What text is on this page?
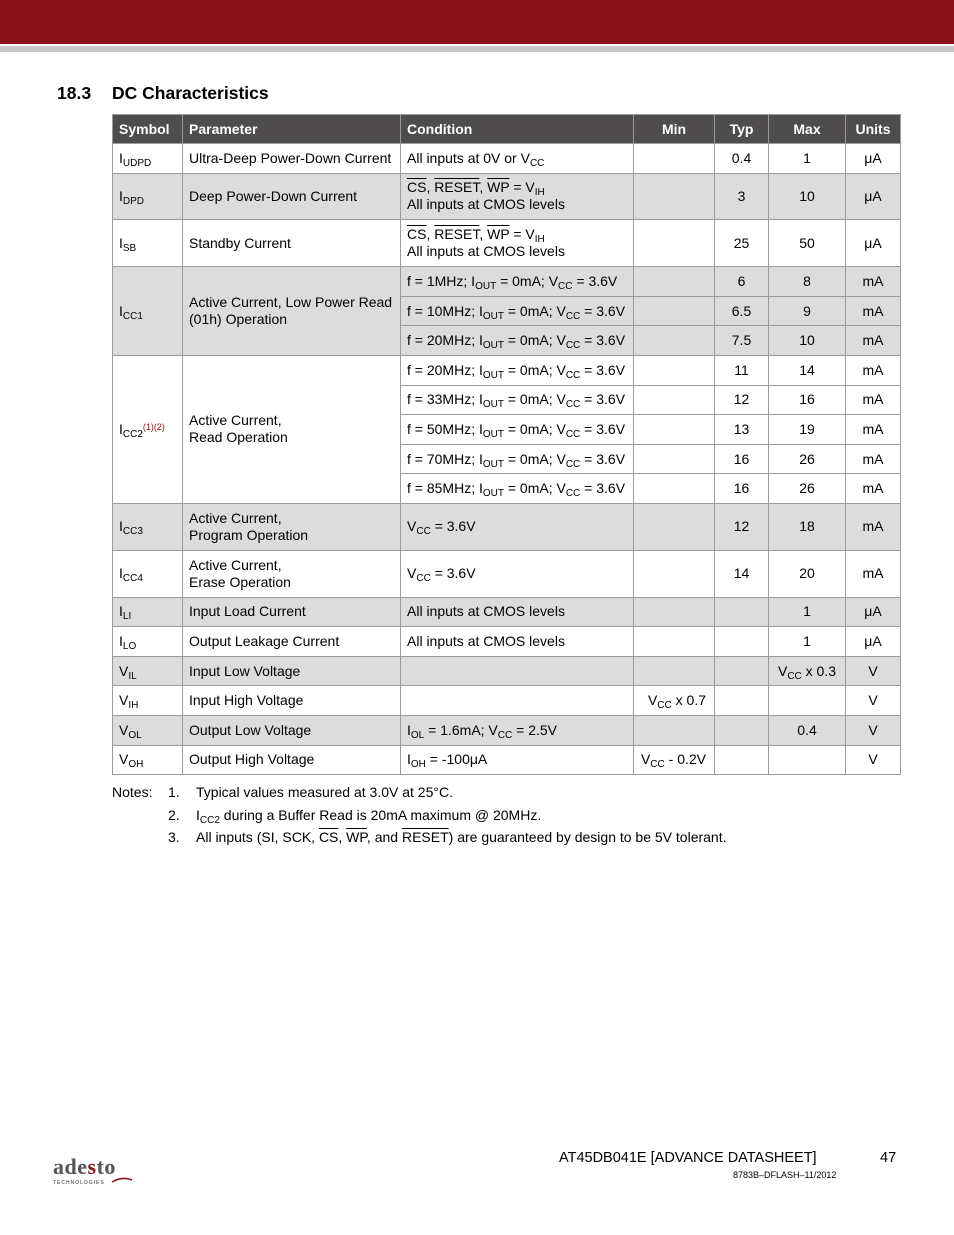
18.3 DC Characteristics
Symbol	Parameter	Condition	Min	Typ	Max	Units
$I_{UDPD}$	Ultra-Deep Power-Down Current	All inputs at 0V or $V_{CC}$		0.4	1	μA
$I_{DPD}$	Deep Power-Down Current	$\overline{CS}$, RESET, $\overline{WP} = V_{IH}$
All inputs at CMOS levels		3	10	μA
$I_{SB}$	Standby Current	$\overline{CS}$, RESET, $\overline{WP} = V_{IH}$
All inputs at CMOS levels		25	50	μA
$I_{CC1}$	Active Current, Low Power Read
(01h) Operation	f = 1MHz; $I_{OUT} = 0mA$; $V_{CC} = 3.6V$		6	8	mA
		f = 10MHz; $I_{OUT} = 0mA$; $V_{CC} = 3.6V$		6.5	9	mA
		f = 20MHz; $I_{OUT} = 0mA$; $V_{CC} = 3.6V$		7.5	10	mA
$I_{CC2}^{(1)(2)}$	Active Current,
Read Operation	f = 20MHz; $I_{OUT} = 0mA$; $V_{CC} = 3.6V$		11	14	mA
		f = 33MHz; $I_{OUT} = 0mA$; $V_{CC} = 3.6V$		12	16	mA
		f = 50MHz; $I_{OUT} = 0mA$; $V_{CC} = 3.6V$		13	19	mA
		f = 70MHz; $I_{OUT} = 0mA$; $V_{CC} = 3.6V$		16	26	mA
		f = 85MHz; $I_{OUT} = 0mA$; $V_{CC} = 3.6V$		16	26	mA
$I_{CC3}$	Active Current,
Program Operation	$V_{CC} = 3.6V$		12	18	mA
$I_{CC4}$	Active Current,
Erase Operation	$V_{CC} = 3.6V$		14	20	mA
$I_{LI}$	Input Load Current	All inputs at CMOS levels			1	μA
$I_{LO}$	Output Leakage Current	All inputs at CMOS levels			1	μA
$V_{IL}$	Input Low Voltage				$V_{CC}$ x 0.3	V
$V_{IH}$	Input High Voltage		$V_{CC}$ x 0.7			V
$V_{OL}$	Output Low Voltage	$I_{OL} = 1.6mA$; $V_{CC} = 2.5V$			0.4	V
$V_{OH}$	Output High Voltage	$I_{OH} = -100\mu A$	$V_{CC} - 0.2V$			V
Notes:	1.	Typical values measured at 3.0V at 25°C.
2.	$I_{CC2}$ during a Buffer Read is 20mA maximum @ 20MHz.
3.	All inputs (SI, SCK, $\overline{CS}$, $\overline{WP}$, and RESET) are guaranteed by design to be 5V tolerant.
adesto
TECHNOLOGIES
AT45DB041E [ADVANCE DATASHEET]	47
8783B–DFLASH–11/2012
